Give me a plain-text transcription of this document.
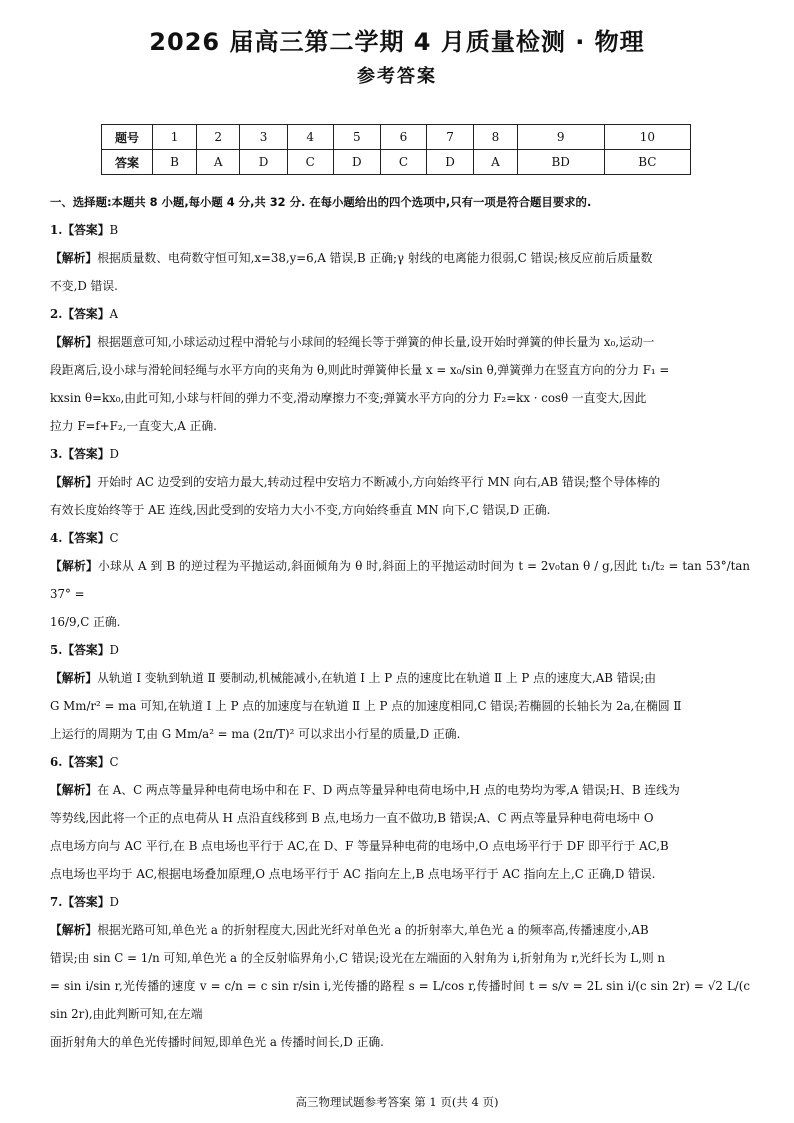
2026 届高三第二学期 4 月质量检测 · 物理
参考答案
题号	1	2	3	4	5	6	7	8	9	10
答案	B	A	D	C	D	C	D	A	BD	BC

一、选择题:本题共 8 小题,每小题 4 分,共 32 分. 在每小题给出的四个选项中,只有一项是符合题目要求的.

1.【答案】B

【解析】根据质量数、电荷数守恒可知,x=38,y=6,A 错误,B 正确;γ 射线的电离能力很弱,C 错误;核反应前后质量数

不变,D 错误.

2.【答案】A

【解析】根据题意可知,小球运动过程中滑轮与小球间的轻绳长等于弹簧的伸长量,设开始时弹簧的伸长量为 x₀,运动一

段距离后,设小球与滑轮间轻绳与水平方向的夹角为 θ,则此时弹簧伸长量 x = x₀/sin θ,弹簧弹力在竖直方向的分力 F₁ =

kxsin θ=kx₀,由此可知,小球与杆间的弹力不变,滑动摩擦力不变;弹簧水平方向的分力 F₂=kx · cosθ 一直变大,因此

拉力 F=f+F₂,一直变大,A 正确.

3.【答案】D

【解析】开始时 AC 边受到的安培力最大,转动过程中安培力不断减小,方向始终平行 MN 向右,AB 错误;整个导体棒的

有效长度始终等于 AE 连线,因此受到的安培力大小不变,方向始终垂直 MN 向下,C 错误,D 正确.

4.【答案】C

【解析】小球从 A 到 B 的逆过程为平抛运动,斜面倾角为 θ 时,斜面上的平抛运动时间为 t = 2v₀tan θ / g,因此 t₁/t₂ = tan 53°/tan 37° =

16/9,C 正确.

5.【答案】D

【解析】从轨道 Ⅰ 变轨到轨道 Ⅱ 要制动,机械能减小,在轨道 Ⅰ 上 P 点的速度比在轨道 Ⅱ 上 P 点的速度大,AB 错误;由

G Mm/r² = ma 可知,在轨道 Ⅰ 上 P 点的加速度与在轨道 Ⅱ 上 P 点的加速度相同,C 错误;若椭圆的长轴长为 2a,在椭圆 Ⅱ

上运行的周期为 T,由 G Mm/a² = ma (2π/T)² 可以求出小行星的质量,D 正确.

6.【答案】C

【解析】在 A、C 两点等量异种电荷电场中和在 F、D 两点等量异种电荷电场中,H 点的电势均为零,A 错误;H、B 连线为

等势线,因此将一个正的点电荷从 H 点沿直线移到 B 点,电场力一直不做功,B 错误;A、C 两点等量异种电荷电场中 O

点电场方向与 AC 平行,在 B 点电场也平行于 AC,在 D、F 等量异种电荷的电场中,O 点电场平行于 DF 即平行于 AC,B

点电场也平均于 AC,根据电场叠加原理,O 点电场平行于 AC 指向左上,B 点电场平行于 AC 指向左上,C 正确,D 错误.

7.【答案】D

【解析】根据光路可知,单色光 a 的折射程度大,因此光纤对单色光 a 的折射率大,单色光 a 的频率高,传播速度小,AB

错误;由 sin C = 1/n 可知,单色光 a 的全反射临界角小,C 错误;设光在左端面的入射角为 i,折射角为 r,光纤长为 L,则 n

= sin i/sin r,光传播的速度 v = c/n = c sin r/sin i,光传播的路程 s = L/cos r,传播时间 t = s/v = 2L sin i/(c sin 2r) = √2 L/(c sin 2r),由此判断可知,在左端

面折射角大的单色光传播时间短,即单色光 a 传播时间长,D 正确.

高三物理试题参考答案 第 1 页(共 4 页)
